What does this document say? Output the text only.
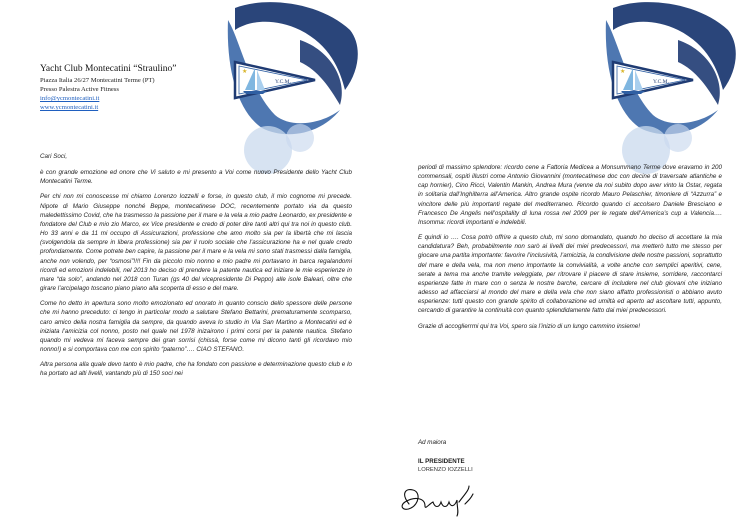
★
Y.C.M.
Yacht Club Montecatini “Straulino”
Piazza Italia 26/27 Montecatini Terme (PT)
Presso Palestra Active Fitness
info@ycmontecatini.it
www.ycmontecatini.it

Cari Soci,

è con grande emozione ed onore che Vi saluto e mi presento a Voi come nuovo Presidente dello Yacht Club Montecatini Terme.

Per chi non mi conoscesse mi chiamo Lorenzo Iozzelli e forse, in questo club, il mio cognome mi precede. Nipote di Mario Giuseppe nonché Beppe, montecatinese DOC, recentemente portato via da questo maledettissimo Covid, che ha trasmesso la passione per il mare e la vela a mio padre Leonardo, ex presidente e fondatore del Club e mio zio Marco, ex Vice presidente e credo di poter dire tanti altri qui tra noi in questo club. Ho 33 anni e da 11 mi occupo di Assicurazioni, professione che amo molto sia per la libertà che mi lascia (svolgendola da sempre in libera professione) sia per il ruolo sociale che l’assicurazione ha e nel quale credo profondamente. Come potrete ben capire, la passione per il mare e la vela mi sono stati trasmessi dalla famiglia, anche non volendo, per “osmosi”!!!! Fin da piccolo mio nonno e mio padre mi portavano in barca regalandomi ricordi ed emozioni indelebili, nel 2013 ho deciso di prendere la patente nautica ed iniziare le mie esperienze in mare “da solo”, andando nel 2018 con Turan (gs 40 del vicepresidente Di Peppo) alle isole Baleari, oltre che girare l’arcipelago toscano piano piano alla scoperta di esso e del mare.

Come ho detto in apertura sono molto emozionato ed onorato in quanto conscio dello spessore delle persone che mi hanno preceduto: ci tengo in particolar modo a salutare Stefano Bettarini, prematuramente scomparso, caro amico della nostra famiglia da sempre, da quando aveva lo studio in Via San Martino a Montecatini ed è iniziata l’amicizia col nonno, posto nel quale nel 1978 inizairono i primi corsi per la patente nautica. Stefano quando mi vedeva mi faceva sempre dei gran sorrisi (chissà, forse come mi dicono tanti gli ricordavo mio nonno!) e si comportava con me con spirito “paterno”…. CIAO STEFANO.

Altra persona alla quale devo tanto è mio padre, che ha fondato con passione e determinazione questo club e lo ha portato ad alti livelli, vantando più di 150 soci nei

★
Y.C.M.

periodi di massimo splendore: ricordo cene a Fattoria Medicea a Monsummano Terme dove eravamo in 200 commensali, ospiti illustri come Antonio Giovannini (montecatinese doc con decine di traversate atlantiche e cap hornier), Cino Ricci, Valentin Mankin, Andrea Mura (venne da noi subito dopo aver vinto la Ostar, regata in solitaria dall’Inghilterra all’America. Altro grande ospite ricordo Mauro Pelaschier, timoniere di “Azzurra” e vincitore delle più importanti regate del mediterraneo. Ricordo quando ci accolsero Daniele Bresciano e Francesco De Angelis nell’ospitality di luna rossa nel 2009 per le regate dell’America’s cup a Valencia…. Insomma: ricordi importanti e indelebili.

E quindi io …. Cosa potrò offrire a questo club, mi sono domandato, quando ho deciso di accettare la mia candidatura? Beh, probabilmente non sarò ai livelli dei miei predecessori, ma metterò tutto me stesso per giocare una partita importante: favorire l’inclusività, l’amicizia, la condivisione delle nostre passioni, soprattutto del mare e della vela, ma non meno importante la convivialità, a volte anche con semplici aperitivi, cene, serate a tema ma anche tramite veleggiate, per ritrovare il piacere di stare insieme, sorridere, raccontarci esperienze fatte in mare con o senza le nostre barche, cercare di includere nel club giovani che iniziano adesso ad affacciarsi al mondo del mare e della vela che non siano affatto professionisti o abbiano avuto esperienze: tutti questo con grande spirito di collaborazione ed umiltà ed aperto ad ascoltare tutti, appunto, cercando di garantire la continuità con quanto splendidamente fatto dai miei predecessori.

Grazie di accoglierrmi qui tra Voi, spero sia l’inizio di un lungo cammino insieme!

Ad maiora
IL PRESIDENTE
LORENZO IOZZELLI
